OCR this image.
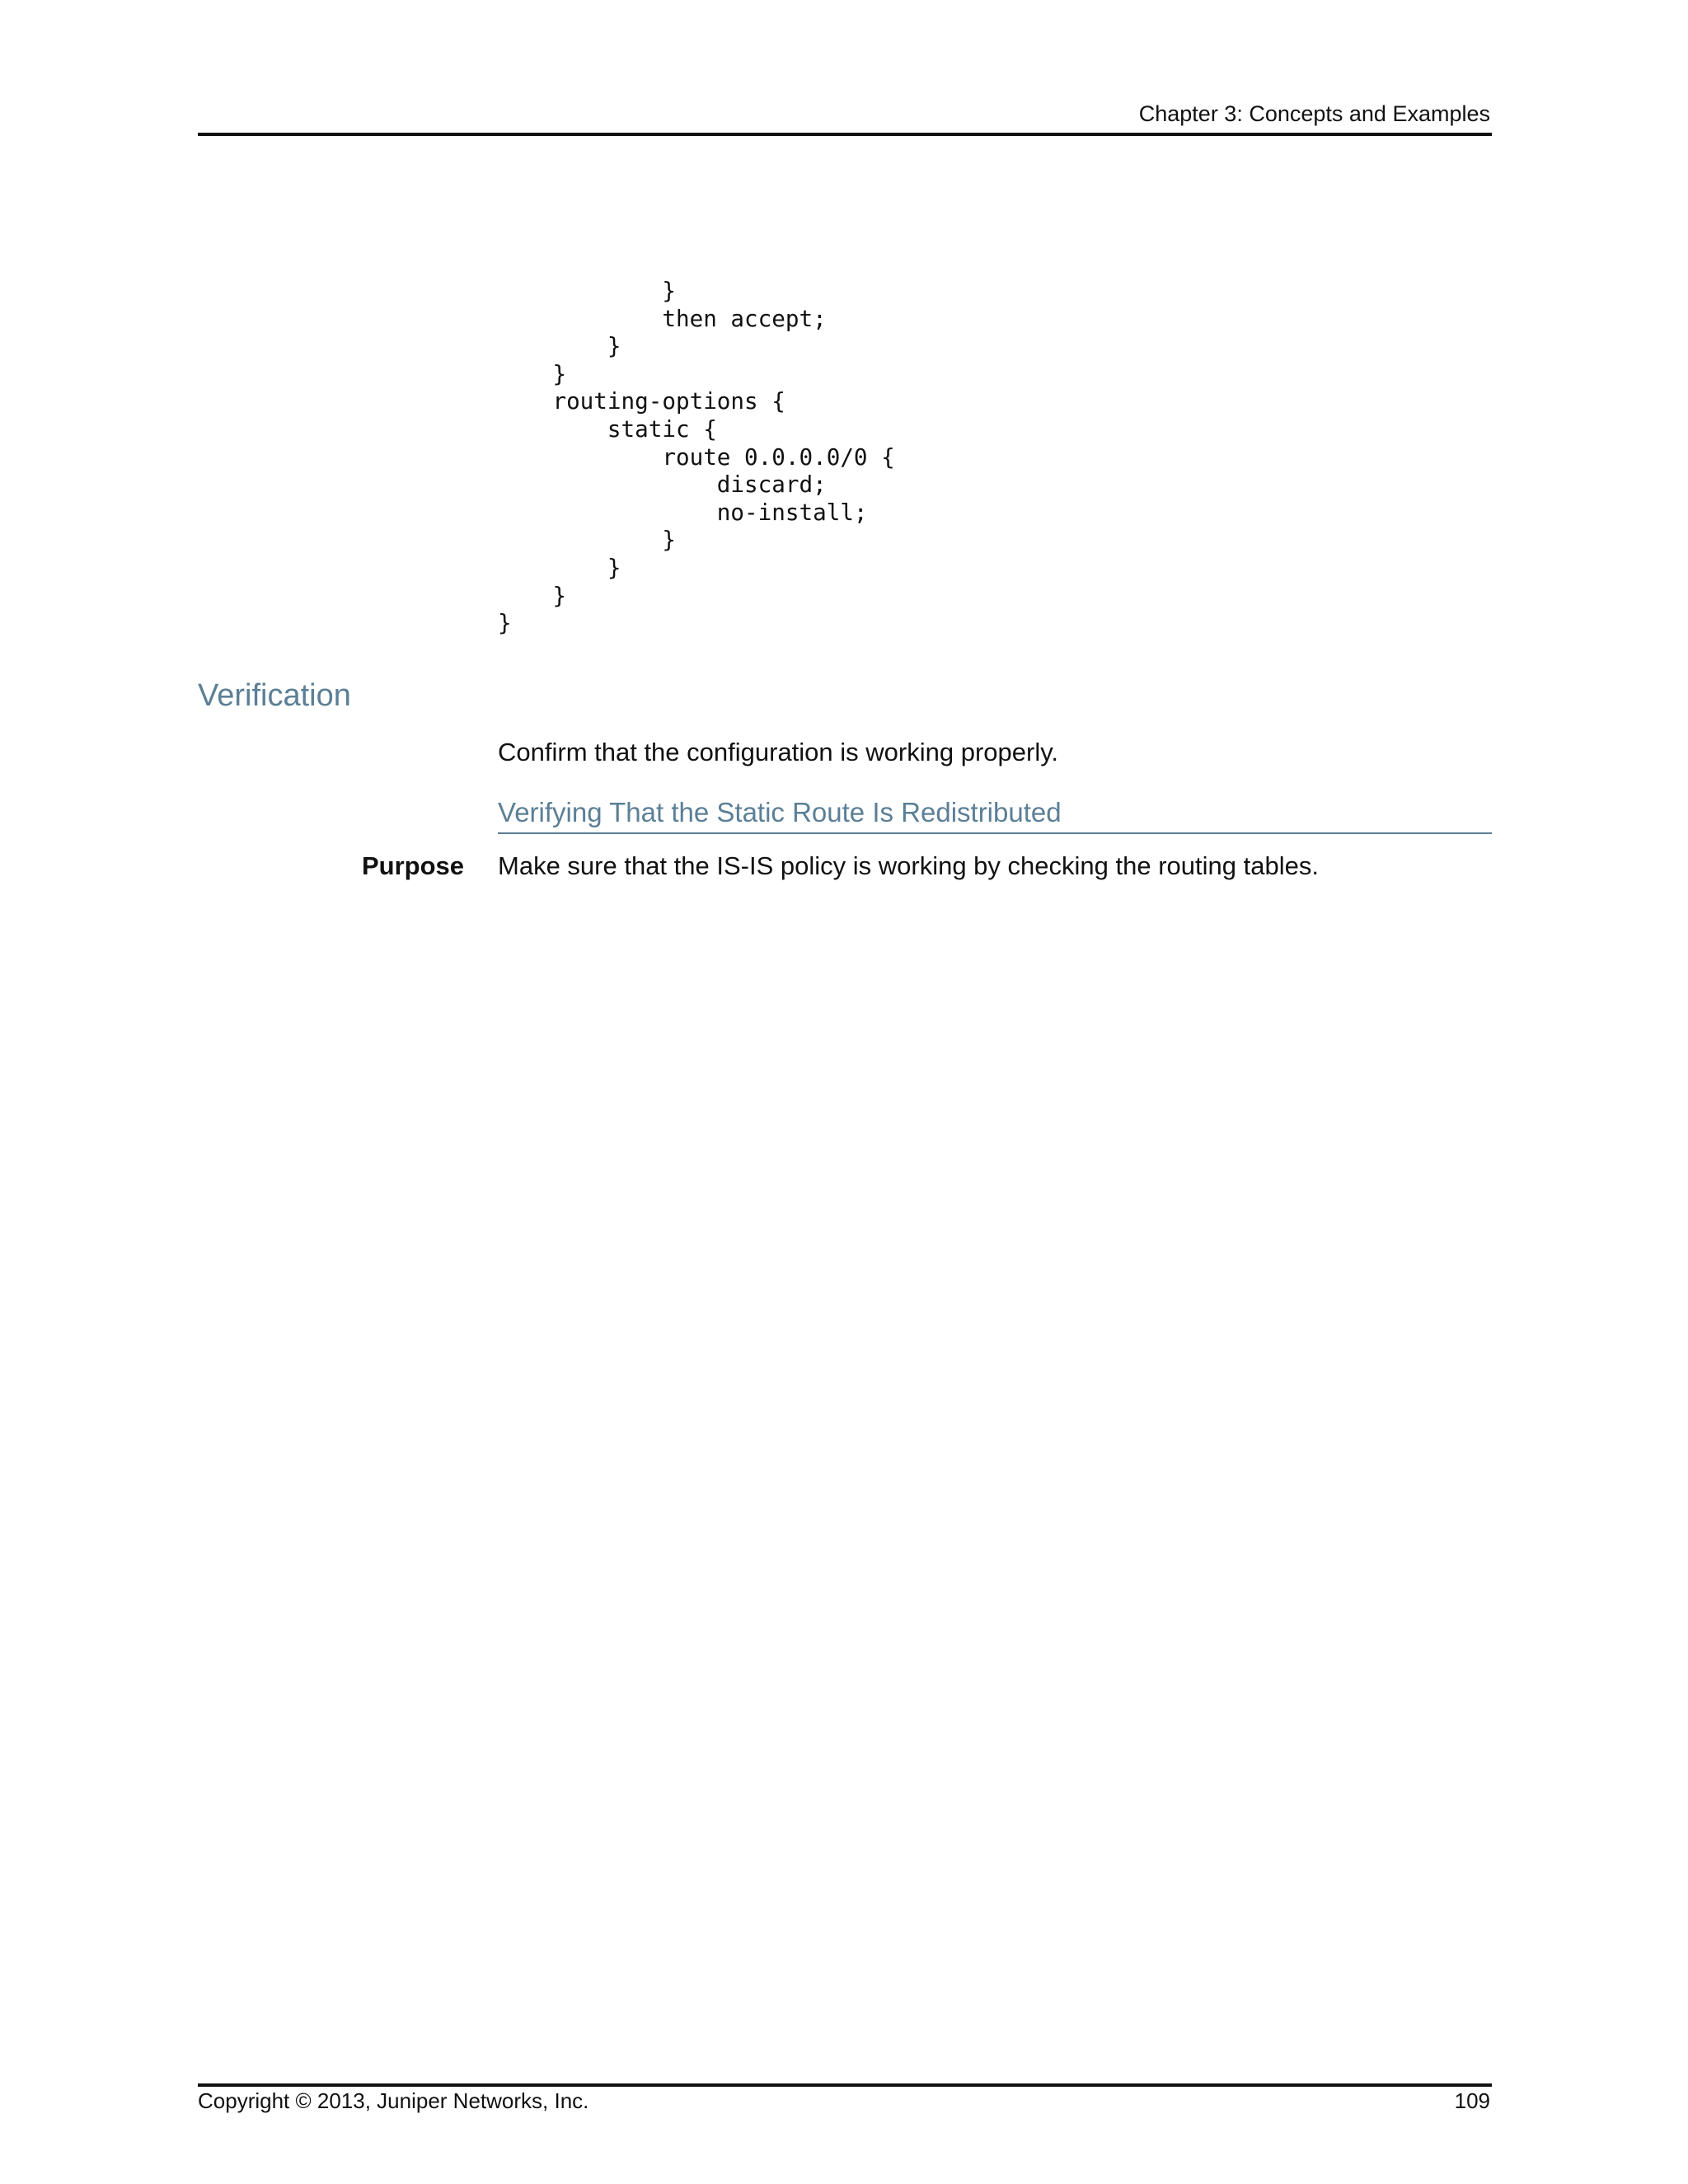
Chapter 3: Concepts and Examples
}
then accept;
}
}
routing-options {
static {
route 0.0.0.0/0 {
discard;
no-install;
}
}
}
}
Verification
Confirm that the configuration is working properly.
Verifying That the Static Route Is Redistributed
Purpose Make sure that the IS-IS policy is working by checking the routing tables.
Copyright © 2013, Juniper Networks, Inc.	109
